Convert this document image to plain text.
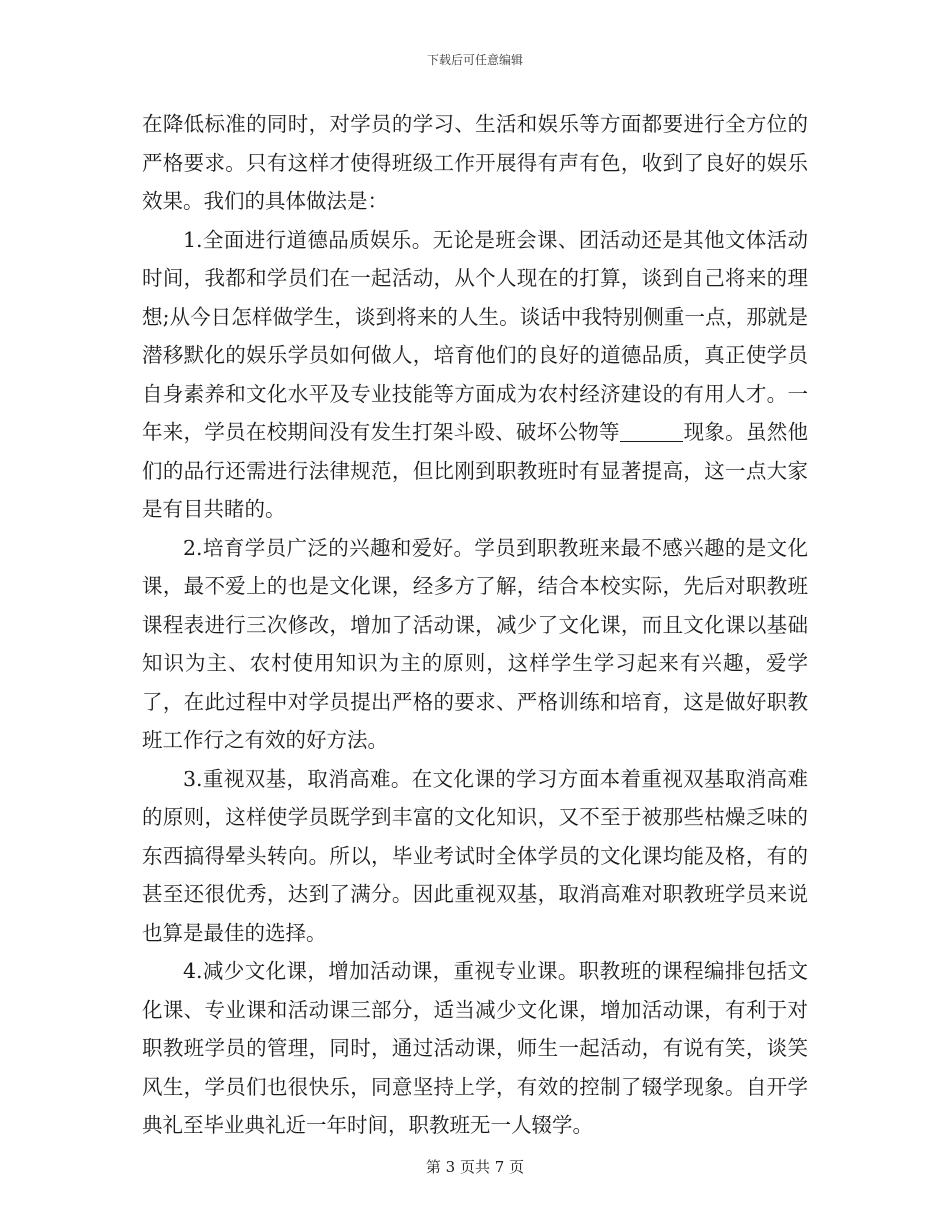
下载后可任意编辑

在降低标准的同时，对学员的学习、生活和娱乐等方面都要进行全方位的严格要求。只有这样才使得班级工作开展得有声有色，收到了良好的娱乐效果。我们的具体做法是：

1.全面进行道德品质娱乐。无论是班会课、团活动还是其他文体活动时间，我都和学员们在一起活动，从个人现在的打算，谈到自己将来的理想;从今日怎样做学生，谈到将来的人生。谈话中我特别侧重一点，那就是潜移默化的娱乐学员如何做人，培育他们的良好的道德品质，真正使学员自身素养和文化水平及专业技能等方面成为农村经济建设的有用人才。一年来，学员在校期间没有发生打架斗殴、破坏公物等	现象。虽然他们的品行还需进行法律规范，但比刚到职教班时有显著提高，这一点大家是有目共睹的。

2.培育学员广泛的兴趣和爱好。学员到职教班来最不感兴趣的是文化课，最不爱上的也是文化课，经多方了解，结合本校实际，先后对职教班课程表进行三次修改，增加了活动课，减少了文化课，而且文化课以基础知识为主、农村使用知识为主的原则，这样学生学习起来有兴趣，爱学了，在此过程中对学员提出严格的要求、严格训练和培育，这是做好职教班工作行之有效的好方法。

3.重视双基，取消高难。在文化课的学习方面本着重视双基取消高难的原则，这样使学员既学到丰富的文化知识，又不至于被那些枯燥乏味的东西搞得晕头转向。所以，毕业考试时全体学员的文化课均能及格，有的甚至还很优秀，达到了满分。因此重视双基，取消高难对职教班学员来说也算是最佳的选择。

4.减少文化课，增加活动课，重视专业课。职教班的课程编排包括文化课、专业课和活动课三部分，适当减少文化课，增加活动课，有利于对职教班学员的管理，同时，通过活动课，师生一起活动，有说有笑，谈笑风生，学员们也很快乐，同意坚持上学，有效的控制了辍学现象。自开学典礼至毕业典礼近一年时间，职教班无一人辍学。

第 3 页共 7 页
